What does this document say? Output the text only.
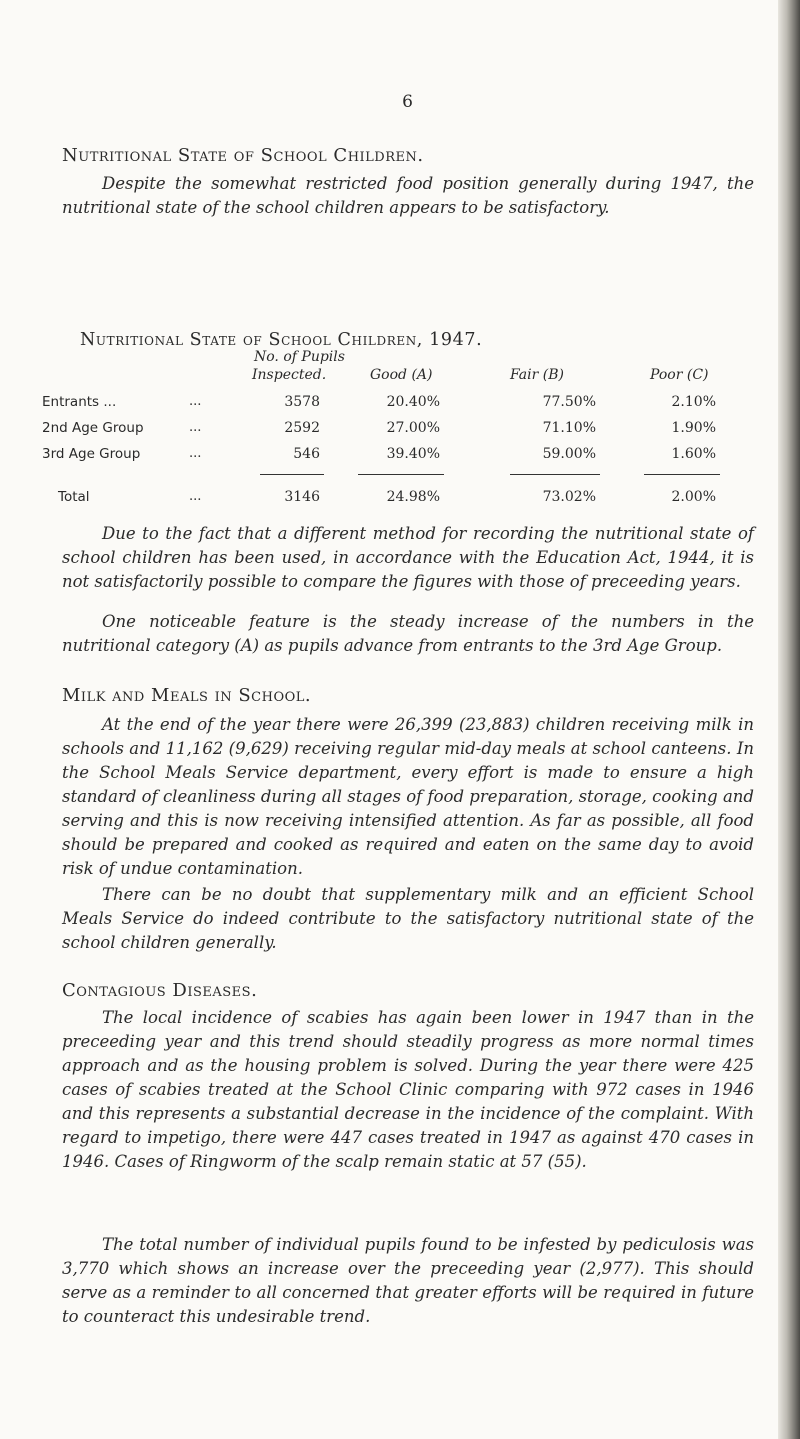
6
Nutritional State of School Children.

Despite the somewhat restricted food position generally during 1947, the nutritional state of the school children appears to be satisfactory.

Nutritional State of School Children, 1947.
No. of Pupils
Inspected.	Good (A)	Fair (B)	Poor (C)
Entrants ...	...	3578	20.40%	77.50%	2.10%
2nd Age Group	...	2592	27.00%	71.10%	1.90%
3rd Age Group	...	546	39.40%	59.00%	1.60%
Total	...	3146	24.98%	73.02%	2.00%

Due to the fact that a different method for recording the nutritional state of school children has been used, in accordance with the Education Act, 1944, it is not satisfactorily possible to compare the figures with those of preceeding years.

One noticeable feature is the steady increase of the numbers in the nutritional category (A) as pupils advance from entrants to the 3rd Age Group.

Milk and Meals in School.

At the end of the year there were 26,399 (23,883) children receiving milk in schools and 11,162 (9,629) receiving regular mid-day meals at school canteens. In the School Meals Service department, every effort is made to ensure a high standard of cleanliness during all stages of food preparation, storage, cooking and serving and this is now receiving intensified attention. As far as possible, all food should be prepared and cooked as required and eaten on the same day to avoid risk of undue contamination.

There can be no doubt that supplementary milk and an efficient School Meals Service do indeed contribute to the satisfactory nutritional state of the school children generally.

Contagious Diseases.

The local incidence of scabies has again been lower in 1947 than in the preceeding year and this trend should steadily progress as more normal times approach and as the housing problem is solved. During the year there were 425 cases of scabies treated at the School Clinic comparing with 972 cases in 1946 and this represents a substantial decrease in the incidence of the complaint. With regard to impetigo, there were 447 cases treated in 1947 as against 470 cases in 1946. Cases of Ringworm of the scalp remain static at 57 (55).

The total number of individual pupils found to be infested by pediculosis was 3,770 which shows an increase over the preceeding year (2,977). This should serve as a reminder to all concerned that greater efforts will be required in future to counteract this undesirable trend.
